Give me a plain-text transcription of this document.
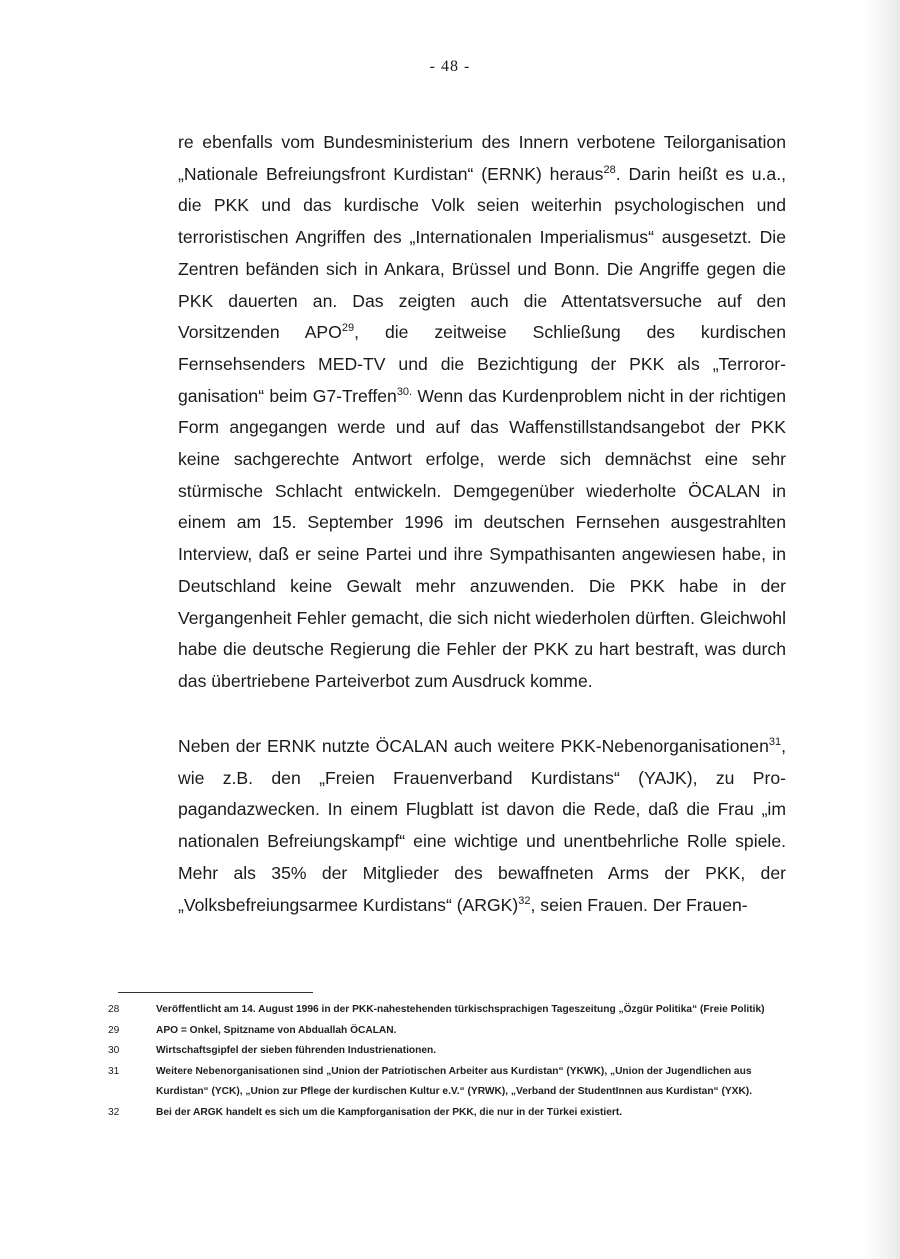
- 48 -

re ebenfalls vom Bundesministerium des Innern verbotene Teilorganisation „Nationale Befreiungsfront Kurdistan“ (ERNK) heraus$^{28}$. Darin heißt es u.a., die PKK und das kurdische Volk seien weiterhin psychologischen und terroristischen Angriffen des „Internationalen Imperialismus“ ausgesetzt. Die Zentren befänden sich in Ankara, Brüssel und Bonn. Die Angriffe gegen die PKK dauerten an. Das zeigten auch die Attentatsversuche auf den Vorsitzenden APO$^{29}$, die zeitweise Schließung des kurdischen Fernsehsenders MED-TV und die Bezichtigung der PKK als „Terrororganisation“ beim G7-Treffen$^{30.}$ Wenn das Kurdenproblem nicht in der richtigen Form angegangen werde und auf das Waffenstillstandsangebot der PKK keine sachgerechte Antwort erfolge, werde sich demnächst eine sehr stürmische Schlacht entwickeln. Demgegenüber wiederholte ÖCALAN in einem am 15. September 1996 im deutschen Fernsehen ausgestrahlten Interview, daß er seine Partei und ihre Sympathisanten angewiesen habe, in Deutschland keine Gewalt mehr anzuwenden. Die PKK habe in der Vergangenheit Fehler gemacht, die sich nicht wiederholen dürften. Gleichwohl habe die deutsche Regierung die Fehler der PKK zu hart bestraft, was durch das übertriebene Parteiverbot zum Ausdruck komme.

Neben der ERNK nutzte ÖCALAN auch weitere PKK-Nebenorganisationen$^{31}$, wie z.B. den „Freien Frauenverband Kurdistans“ (YAJK), zu Propagandazwecken. In einem Flugblatt ist davon die Rede, daß die Frau „im nationalen Befreiungskampf“ eine wichtige und unentbehrliche Rolle spiele. Mehr als 35% der Mitglieder des bewaffneten Arms der PKK, der „Volksbefreiungsarmee Kurdistans“ (ARGK)$^{32}$, seien Frauen. Der Frauen-

28	Veröffentlicht am 14. August 1996 in der PKK-nahestehenden türkischsprachigen Tageszeitung „Özgür Politika“ (Freie Politik)
29	APO = Onkel, Spitzname von Abduallah ÖCALAN.
30	Wirtschaftsgipfel der sieben führenden Industrienationen.
31	Weitere Nebenorganisationen sind „Union der Patriotischen Arbeiter aus Kurdistan“ (YKWK), „Union der Jugendlichen aus Kurdistan“ (YCK), „Union zur Pflege der kurdischen Kultur e.V.“ (YRWK), „Verband der StudentInnen aus Kurdistan“ (YXK).
32	Bei der ARGK handelt es sich um die Kampforganisation der PKK, die nur in der Türkei existiert.
